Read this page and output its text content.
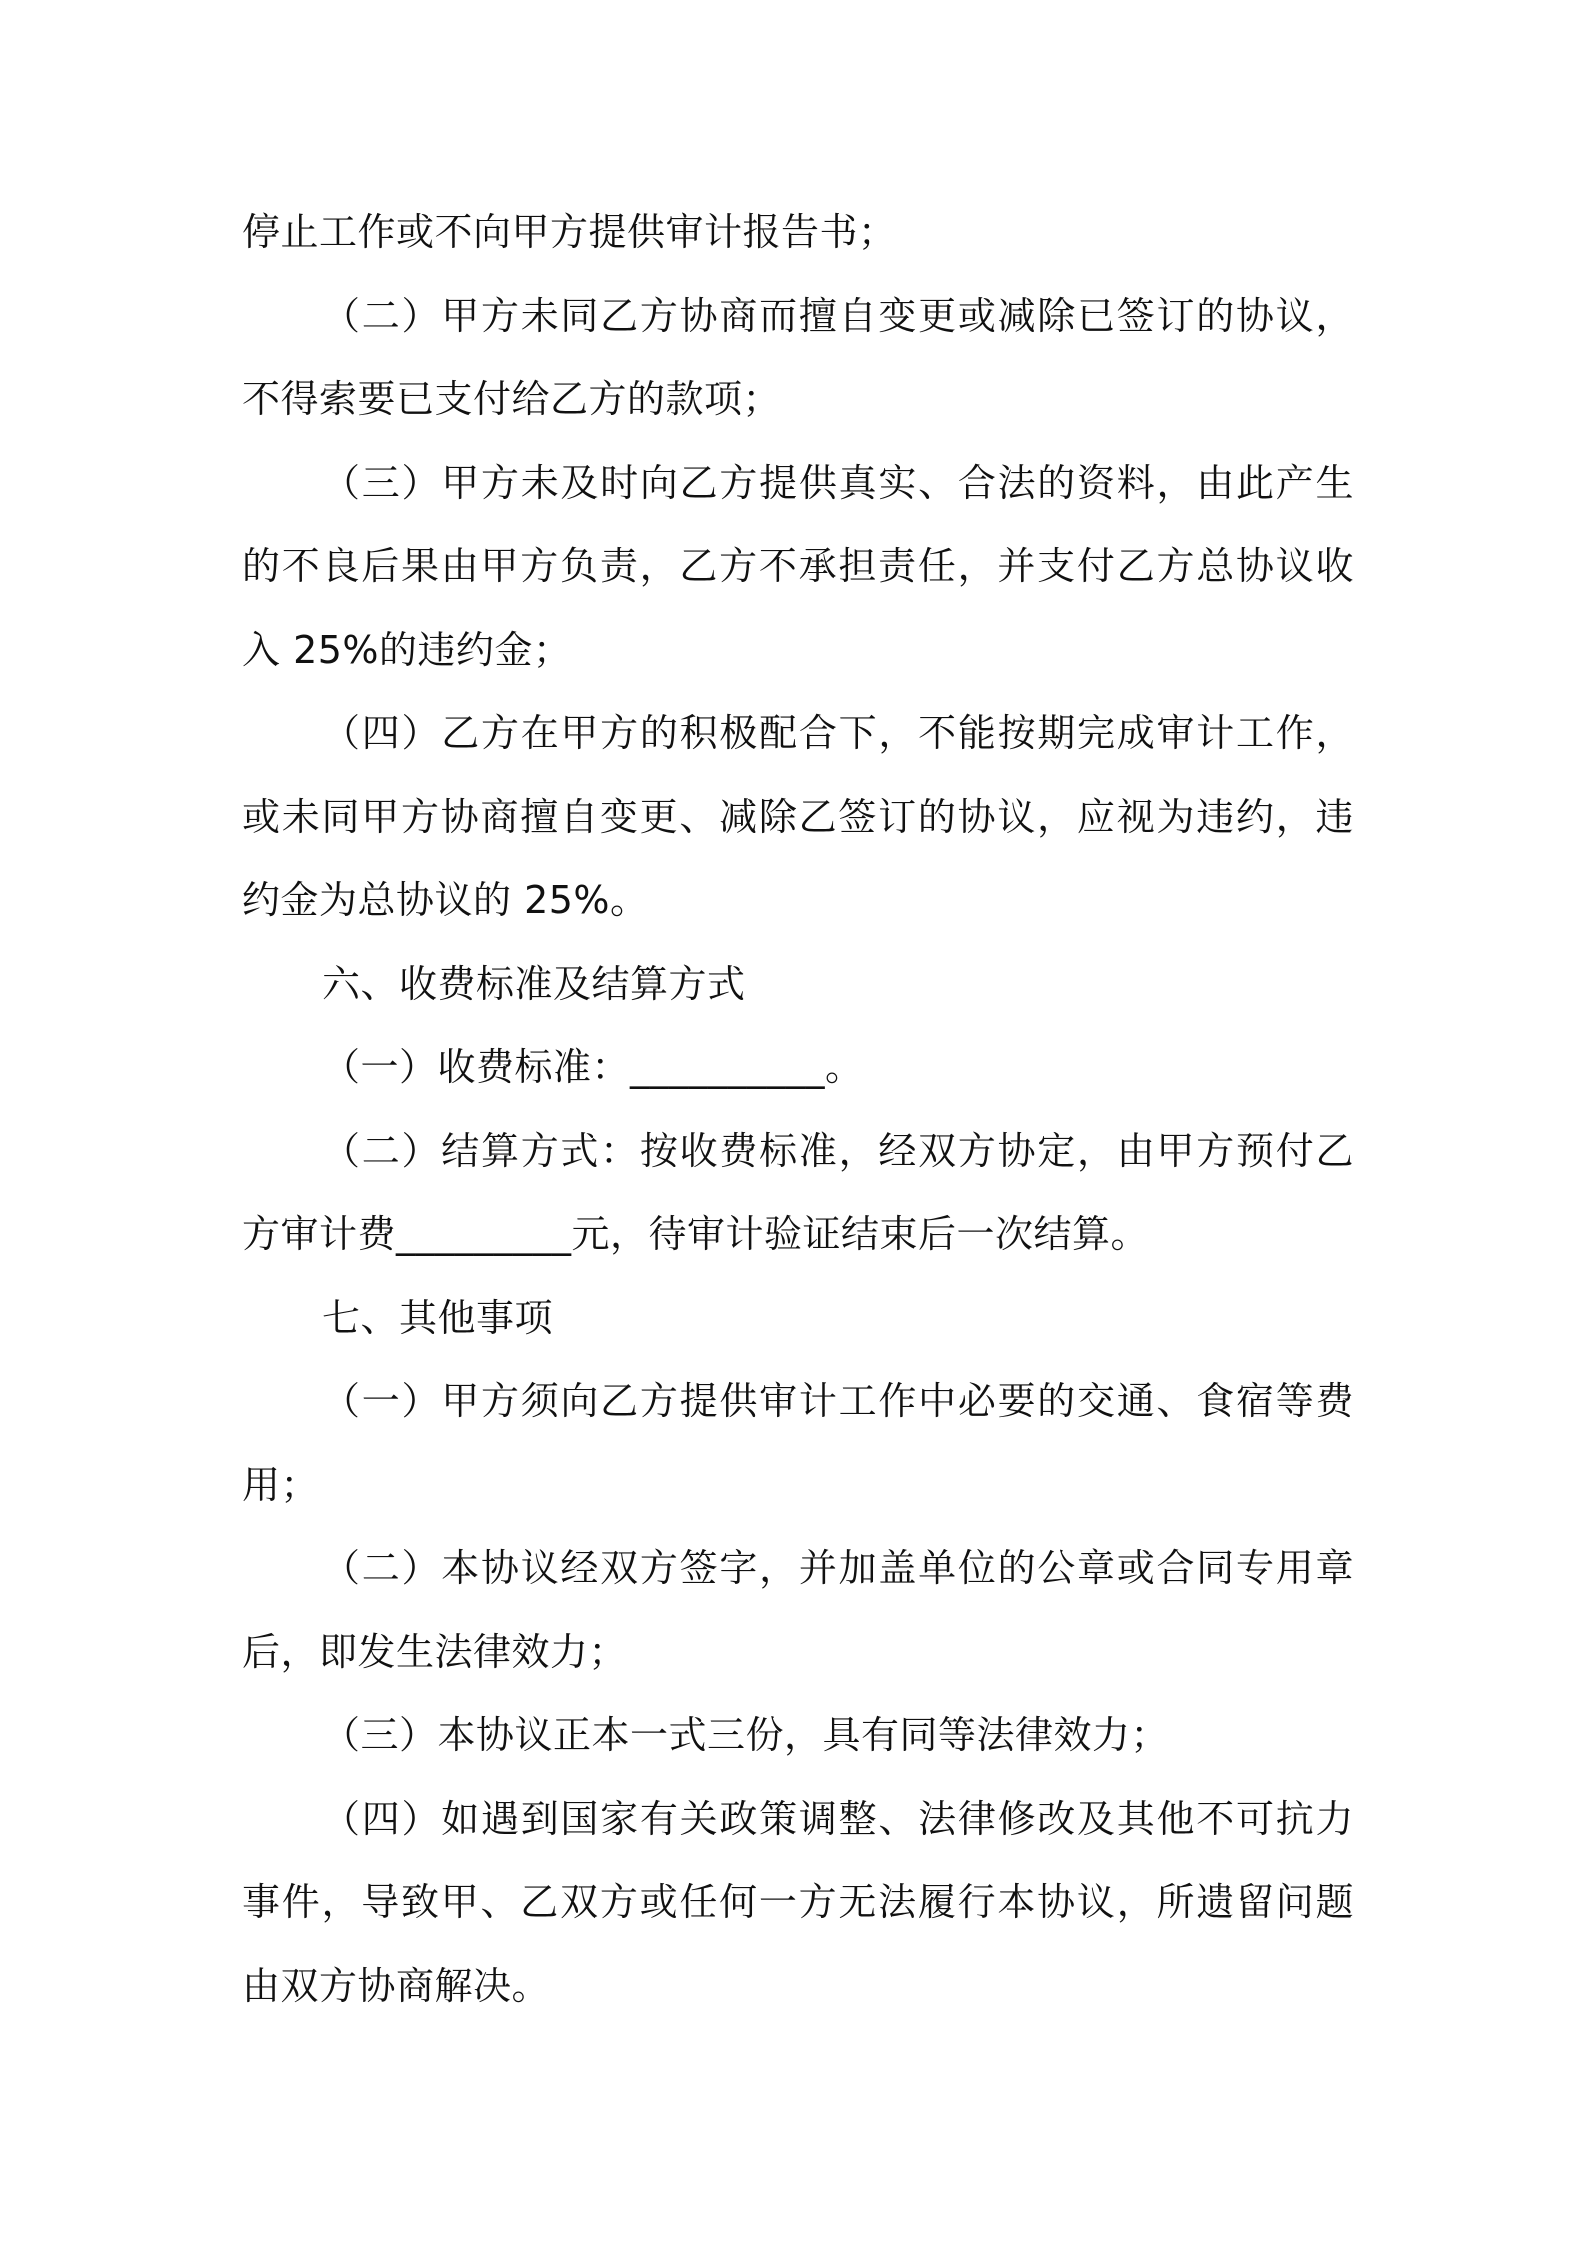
停止工作或不向甲方提供审计报告书；
（二）甲方未同乙方协商而擅自变更或减除已签订的协议，
不得索要已支付给乙方的款项；
（三）甲方未及时向乙方提供真实、合法的资料，由此产生
的不良后果由甲方负责，乙方不承担责任，并支付乙方总协议收
入 25%的违约金；
（四）乙方在甲方的积极配合下，不能按期完成审计工作，
或未同甲方协商擅自变更、减除乙签订的协议，应视为违约，违
约金为总协议的 25%。
六、收费标准及结算方式
（一）收费标准：__________。
（二）结算方式：按收费标准，经双方协定，由甲方预付乙
方审计费_________元，待审计验证结束后一次结算。
七、其他事项
（一）甲方须向乙方提供审计工作中必要的交通、食宿等费
用；
（二）本协议经双方签字，并加盖单位的公章或合同专用章
后，即发生法律效力；
（三）本协议正本一式三份，具有同等法律效力；
（四）如遇到国家有关政策调整、法律修改及其他不可抗力
事件，导致甲、乙双方或任何一方无法履行本协议，所遗留问题
由双方协商解决。
